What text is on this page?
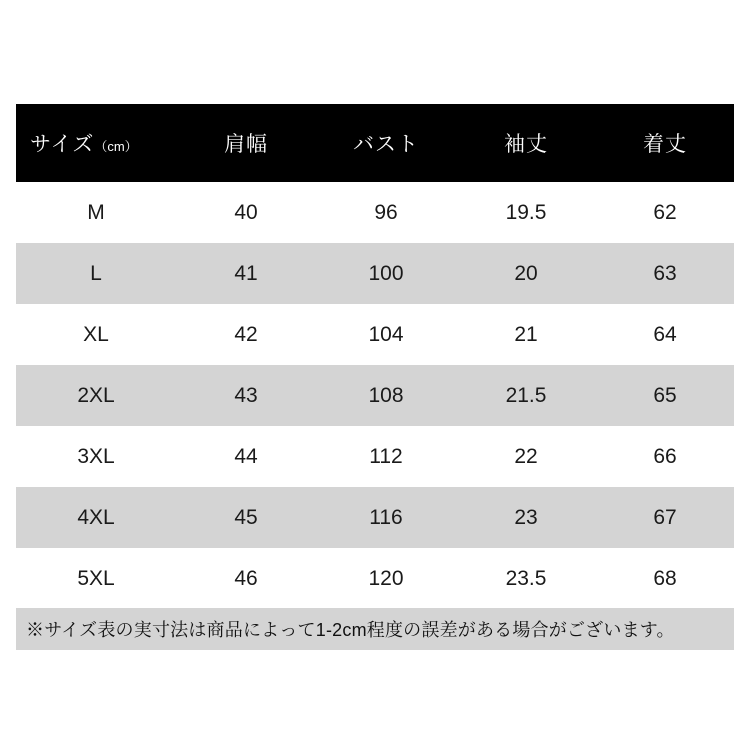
サイズ（cm）	肩幅	バスト	袖丈	着丈
M	40	96	19.5	62
L	41	100	20	63
XL	42	104	21	64
2XL	43	108	21.5	65
3XL	44	112	22	66
4XL	45	116	23	67
5XL	46	120	23.5	68
※サイズ表の実寸法は商品によって1-2cm程度の誤差がある場合がございます。
